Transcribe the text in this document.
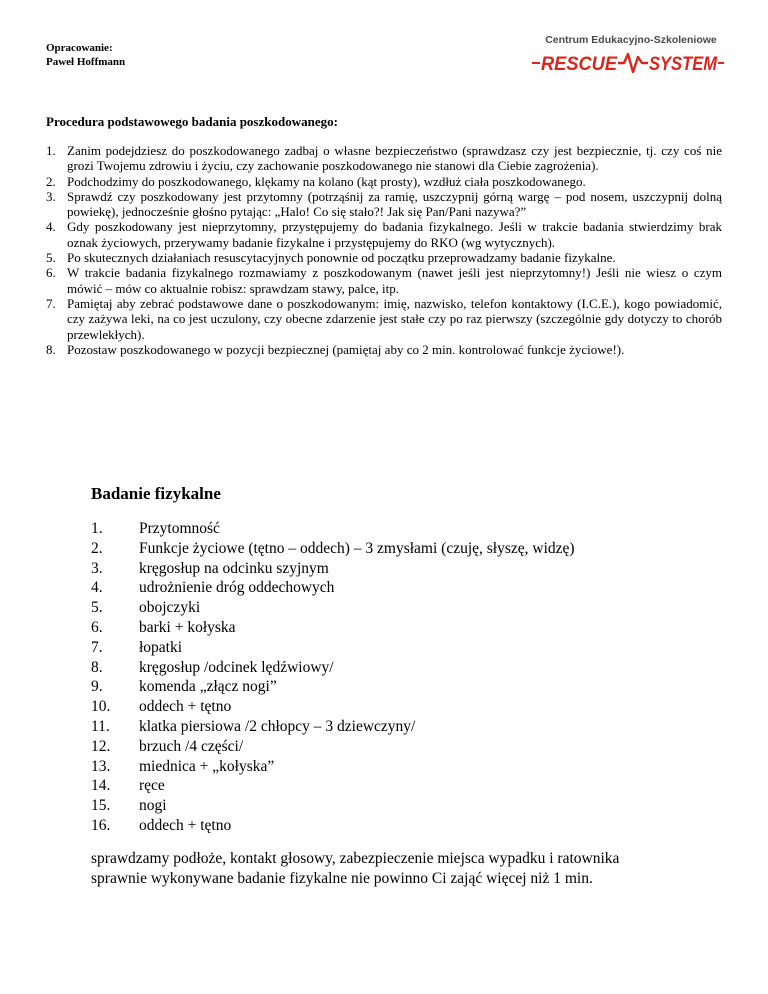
Opracowanie:
Paweł Hoffmann
Centrum Edukacyjno-Szkoleniowe
RESCUE SYSTEM
Procedura podstawowego badania poszkodowanego:
1. Zanim podejdziesz do poszkodowanego zadbaj o własne bezpieczeństwo (sprawdzasz czy jest bezpiecznie, tj. czy coś nie grozi Twojemu zdrowiu i życiu, czy zachowanie poszkodowanego nie stanowi dla Ciebie zagrożenia).
2. Podchodzimy do poszkodowanego, klękamy na kolano (kąt prosty), wzdłuż ciała poszkodowanego.
3. Sprawdź czy poszkodowany jest przytomny (potrząśnij za ramię, uszczypnij górną wargę – pod nosem, uszczypnij dolną powiekę), jednocześnie głośno pytając: „Halo! Co się stało?! Jak się Pan/Pani nazywa?”
4. Gdy poszkodowany jest nieprzytomny, przystępujemy do badania fizykalnego. Jeśli w trakcie badania stwierdzimy brak oznak życiowych, przerywamy badanie fizykalne i przystępujemy do RKO (wg wytycznych).
5. Po skutecznych działaniach resuscytacyjnych ponownie od początku przeprowadzamy badanie fizykalne.
6. W trakcie badania fizykalnego rozmawiamy z poszkodowanym (nawet jeśli jest nieprzytomny!) Jeśli nie wiesz o czym mówić – mów co aktualnie robisz: sprawdzam stawy, palce, itp.
7. Pamiętaj aby zebrać podstawowe dane o poszkodowanym: imię, nazwisko, telefon kontaktowy (I.C.E.), kogo powiadomić, czy zażywa leki, na co jest uczulony, czy obecne zdarzenie jest stałe czy po raz pierwszy (szczególnie gdy dotyczy to chorób przewlekłych).
8. Pozostaw poszkodowanego w pozycji bezpiecznej (pamiętaj aby co 2 min. kontrolować funkcje życiowe!).
Badanie fizykalne
1. Przytomność
2. Funkcje życiowe (tętno – oddech) – 3 zmysłami (czuję, słyszę, widzę)
3. kręgosłup na odcinku szyjnym
4. udrożnienie dróg oddechowych
5. obojczyki
6. barki + kołyska
7. łopatki
8. kręgosłup /odcinek lędźwiowy/
9. komenda „złącz nogi”
10. oddech + tętno
11. klatka piersiowa /2 chłopcy – 3 dziewczyny/
12. brzuch /4 części/
13. miednica + „kołyska”
14. ręce
15. nogi
16. oddech + tętno
sprawdzamy podłoże, kontakt głosowy, zabezpieczenie miejsca wypadku i ratownika
sprawnie wykonywane badanie fizykalne nie powinno Ci zająć więcej niż 1 min.
